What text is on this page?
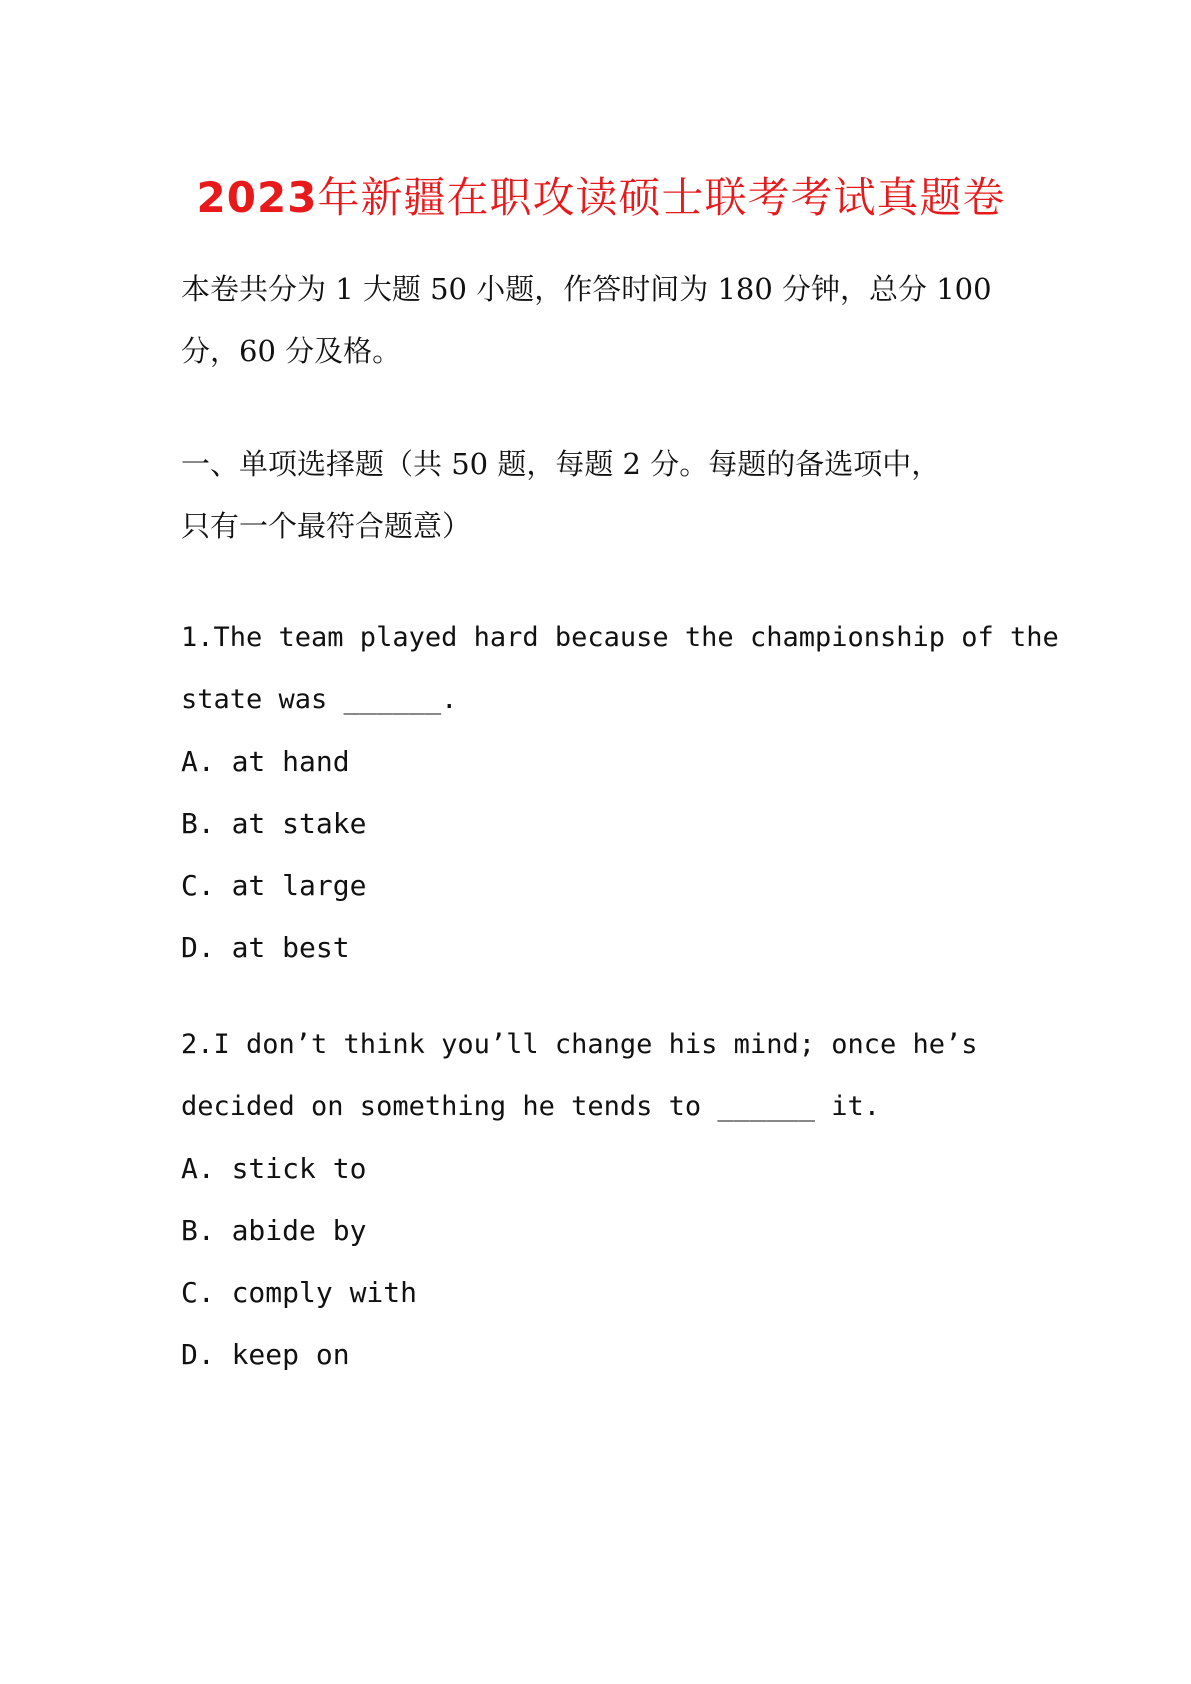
2023年新疆在职攻读硕士联考考试真题卷
本卷共分为 1 大题 50 小题，作答时间为 180 分钟，总分 100
分，60 分及格。
一、单项选择题（共 50 题，每题 2 分。每题的备选项中，
只有一个最符合题意）
1.The team played hard because the championship of the
state was ______.
A. at hand
B. at stake
C. at large
D. at best
2.I don’t think you’ll change his mind; once he’s
decided on something he tends to ______ it.
A. stick to
B. abide by
C. comply with
D. keep on
